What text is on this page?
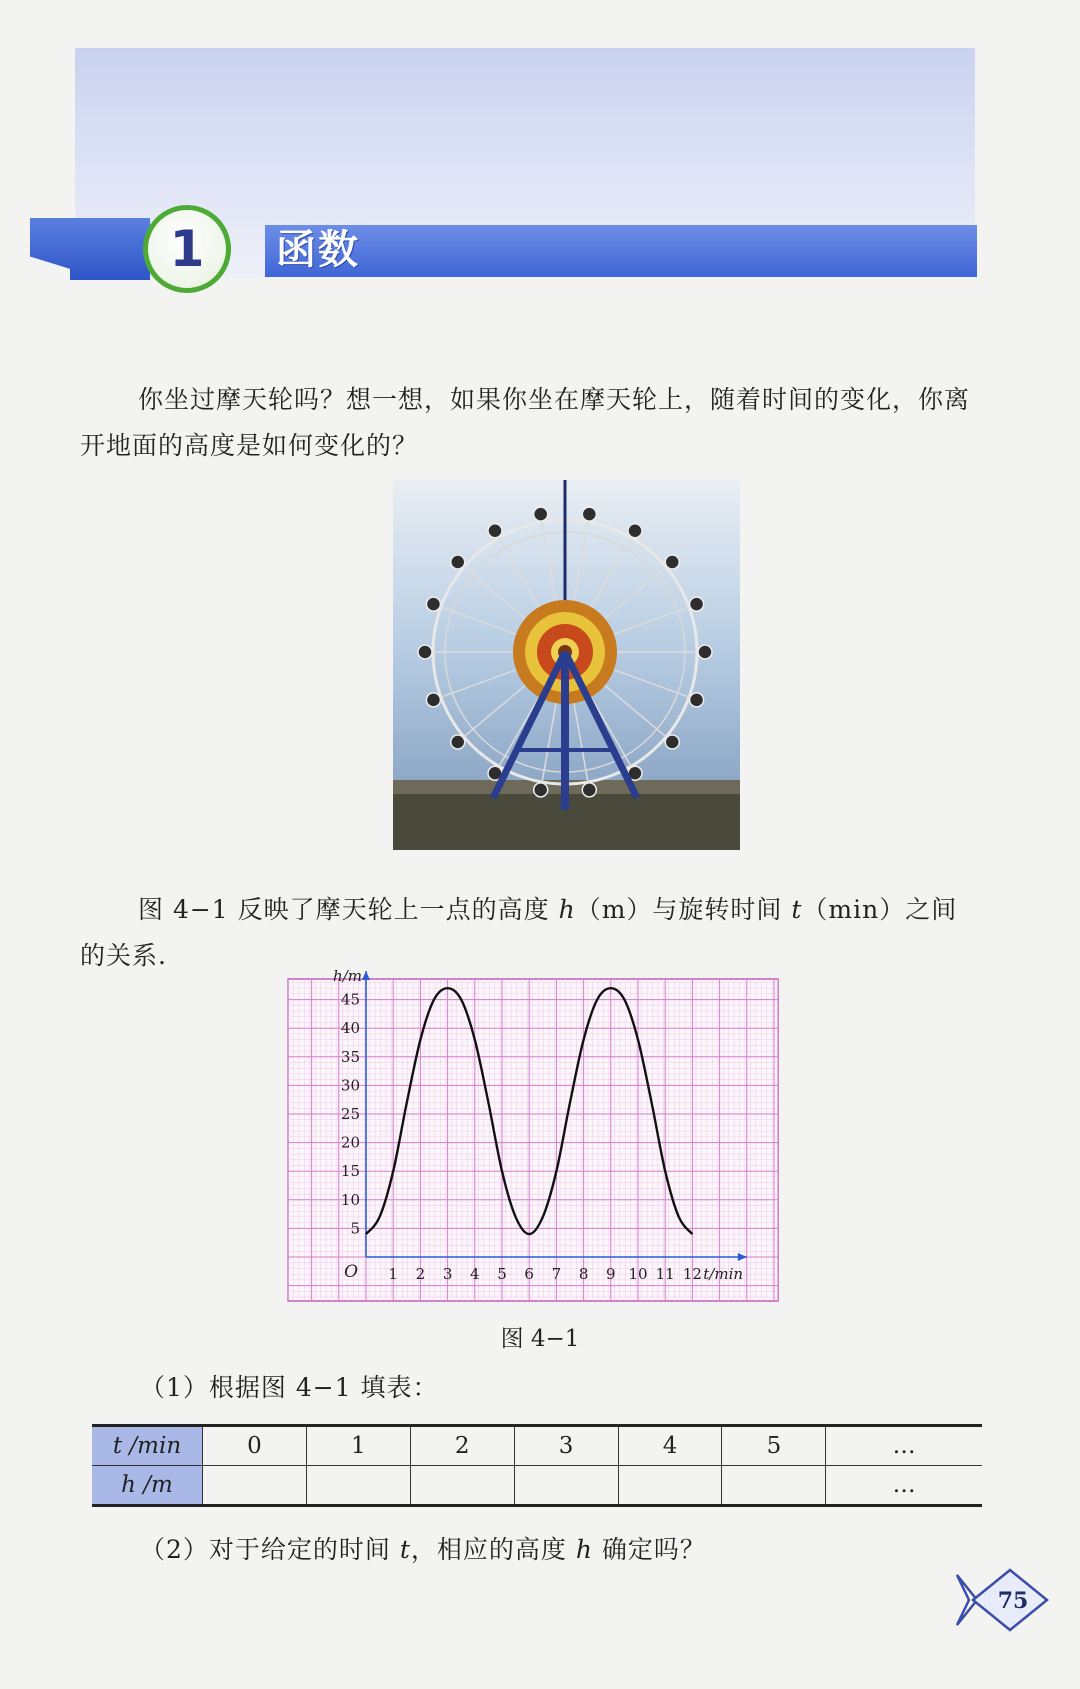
1 函数
你坐过摩天轮吗？想一想，如果你坐在摩天轮上，随着时间的变化，你离开地面的高度是如何变化的？
图 4−1 反映了摩天轮上一点的高度 h（m）与旋转时间 t（min）之间的关系.
1 2 3 4 5 6 7 8 9 10 11 12
5
10
15
20
25
30
35
40
45
O
h/m
t/min
图 4−1
（1）根据图 4−1 填表：
t /min	0	1	2	3	4	5	…
h /m							…
（2）对于给定的时间 t，相应的高度 h 确定吗？
75
